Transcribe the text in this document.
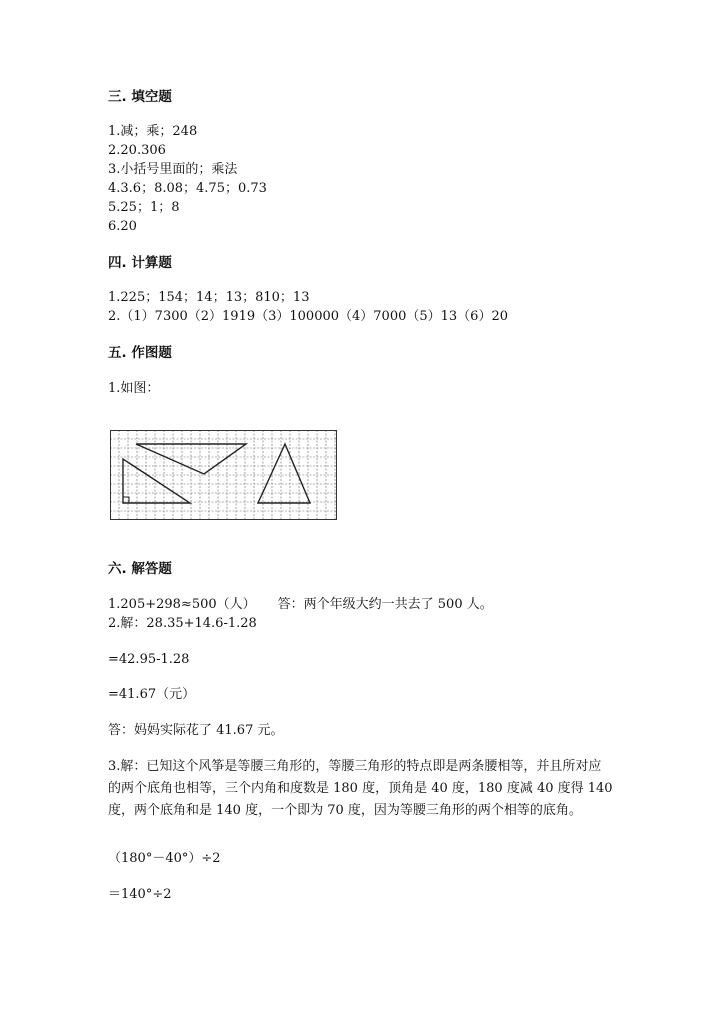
三. 填空题
1.减；乘；248
2.20.306
3.小括号里面的；乘法
4.3.6；8.08；4.75；0.73
5.25；1；8
6.20
四. 计算题
1.225；154；14；13；810；13
2.（1）7300（2）1919（3）100000（4）7000（5）13（6）20
五. 作图题
1.如图：
六. 解答题
1.205+298≈500（人） 答：两个年级大约一共去了 500 人。
2.解：28.35+14.6-1.28
=42.95-1.28
=41.67（元）
答：妈妈实际花了 41.67 元。
3.解：已知这个风筝是等腰三角形的，等腰三角形的特点即是两条腰相等，并且所对应的两个底角也相等，三个内角和度数是 180 度，顶角是 40 度，180 度减 40 度得 140 度，两个底角和是 140 度，一个即为 70 度，因为等腰三角形的两个相等的底角。
（180°－40°）÷2
＝140°÷2
